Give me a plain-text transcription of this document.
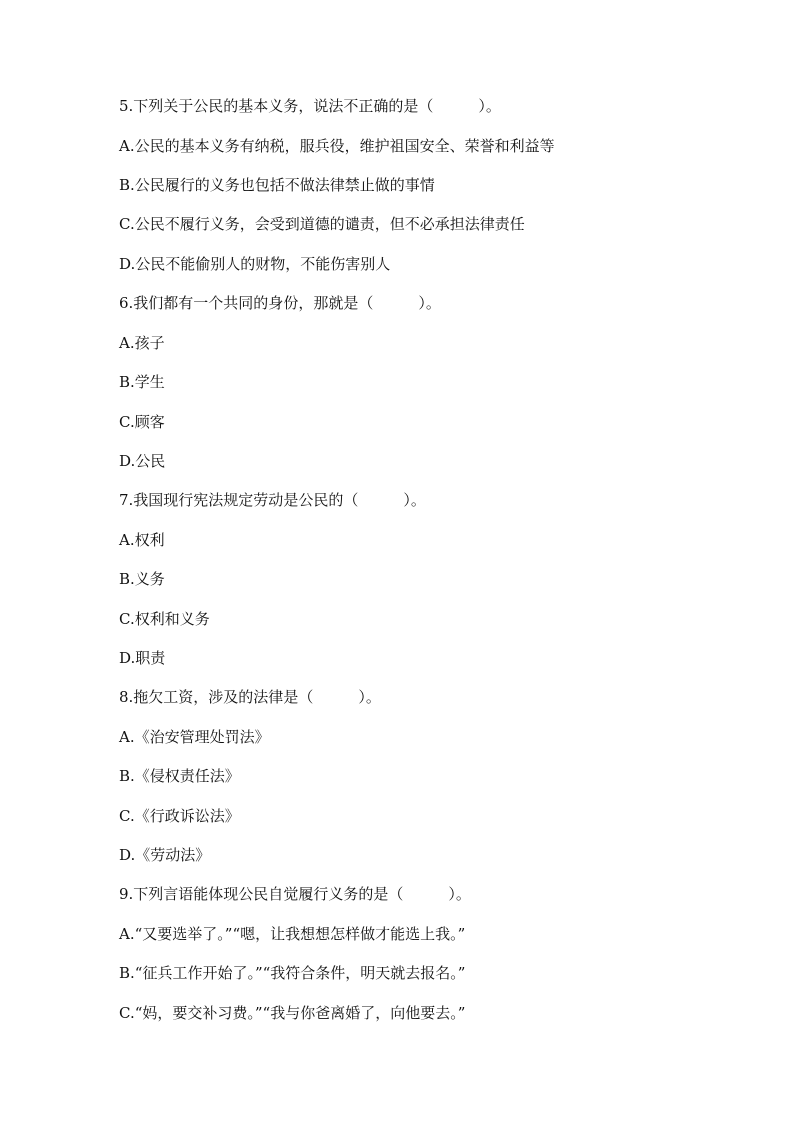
5.下列关于公民的基本义务，说法不正确的是（　　　）。
A.公民的基本义务有纳税，服兵役，维护祖国安全、荣誉和利益等
B.公民履行的义务也包括不做法律禁止做的事情
C.公民不履行义务，会受到道德的谴责，但不必承担法律责任
D.公民不能偷别人的财物，不能伤害别人
6.我们都有一个共同的身份，那就是（　　　）。
A.孩子
B.学生
C.顾客
D.公民
7.我国现行宪法规定劳动是公民的（　　　）。
A.权利
B.义务
C.权利和义务
D.职责
8.拖欠工资，涉及的法律是（　　　）。
A.《治安管理处罚法》
B.《侵权责任法》
C.《行政诉讼法》
D.《劳动法》
9.下列言语能体现公民自觉履行义务的是（　　　）。
A.“又要选举了。”“嗯，让我想想怎样做才能选上我。”
B.“征兵工作开始了。”“我符合条件，明天就去报名。”
C.“妈，要交补习费。”“我与你爸离婚了，向他要去。”
